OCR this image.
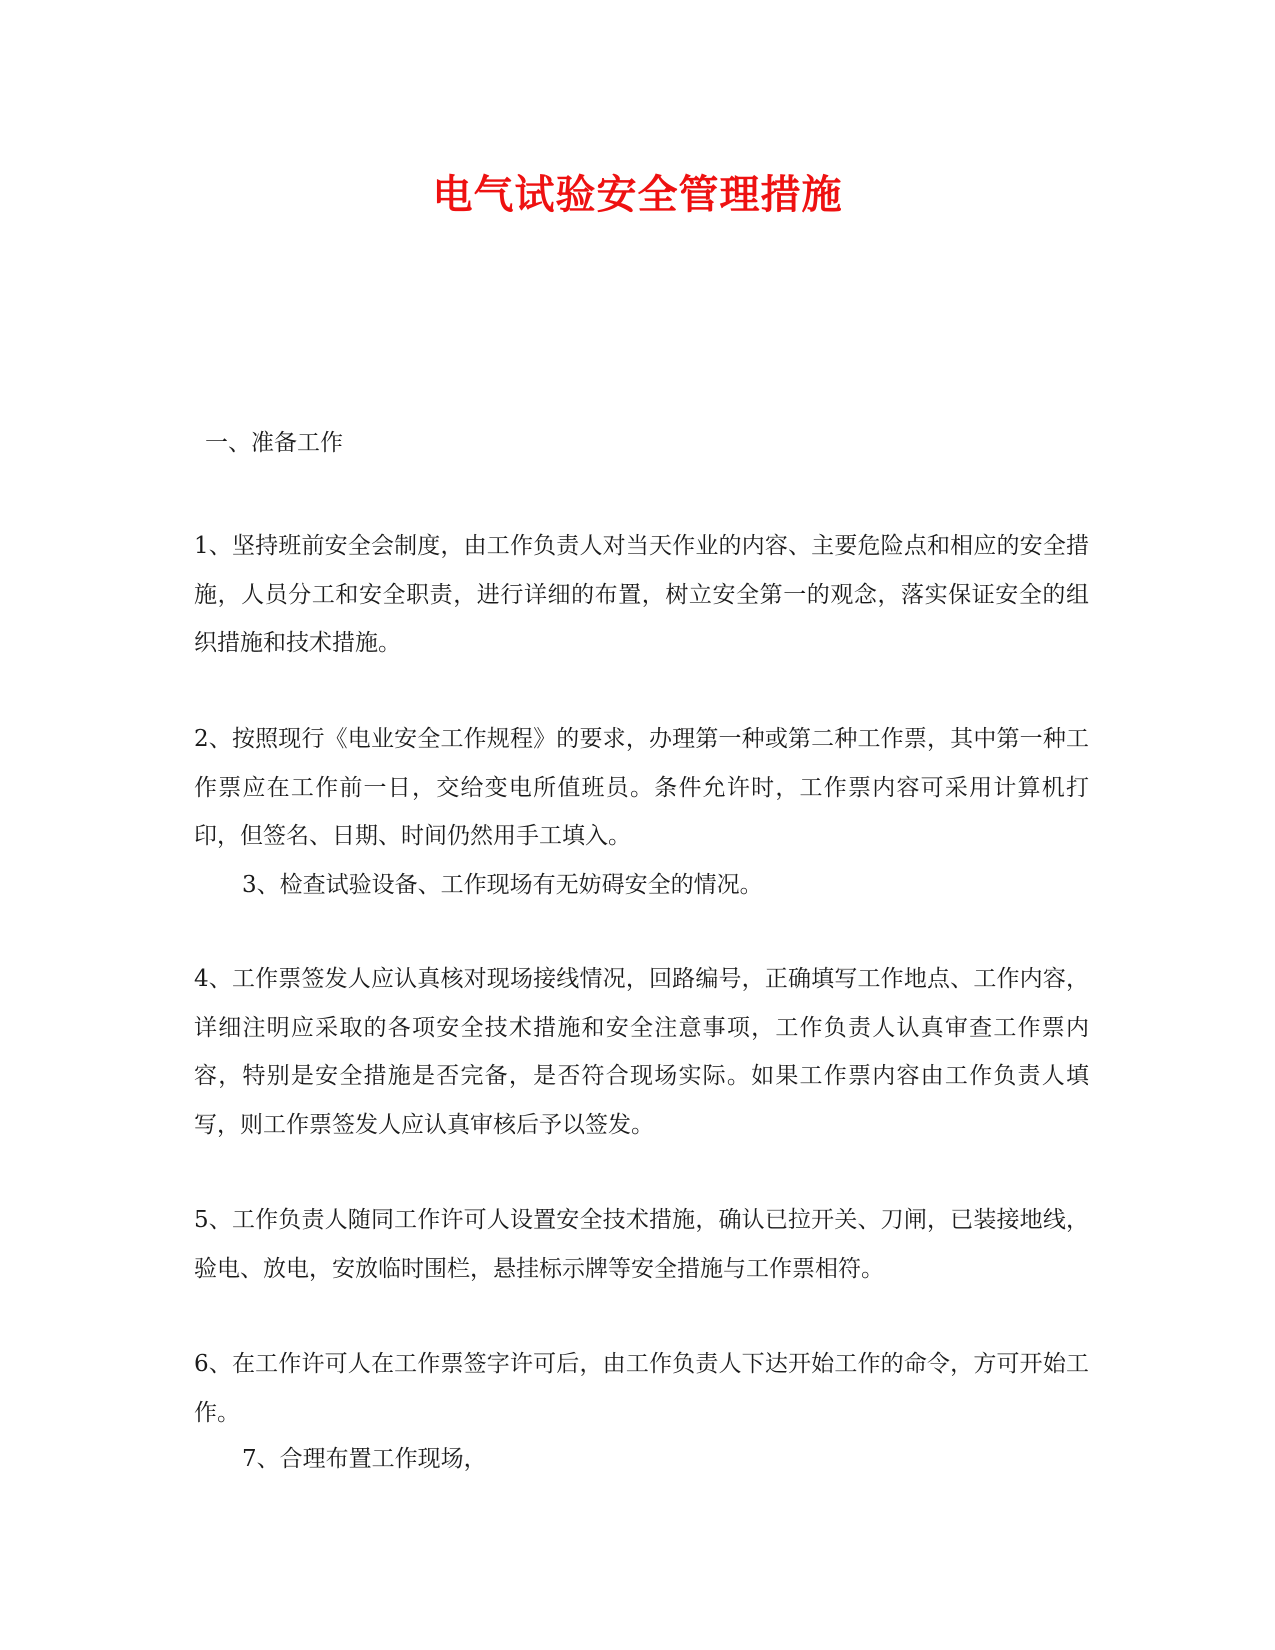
电气试验安全管理措施
一、准备工作

1、坚持班前安全会制度，由工作负责人对当天作业的内容、主要危险点和相应的安全措施，人员分工和安全职责，进行详细的布置，树立安全第一的观念，落实保证安全的组织措施和技术措施。

2、按照现行《电业安全工作规程》的要求，办理第一种或第二种工作票，其中第一种工作票应在工作前一日，交给变电所值班员。条件允许时，工作票内容可采用计算机打印，但签名、日期、时间仍然用手工填入。

3、检查试验设备、工作现场有无妨碍安全的情况。

4、工作票签发人应认真核对现场接线情况，回路编号，正确填写工作地点、工作内容，详细注明应采取的各项安全技术措施和安全注意事项，工作负责人认真审查工作票内容，特别是安全措施是否完备，是否符合现场实际。如果工作票内容由工作负责人填写，则工作票签发人应认真审核后予以签发。

5、工作负责人随同工作许可人设置安全技术措施，确认已拉开关、刀闸，已装接地线，验电、放电，安放临时围栏，悬挂标示牌等安全措施与工作票相符。

6、在工作许可人在工作票签字许可后，由工作负责人下达开始工作的命令，方可开始工作。

7、合理布置工作现场，
